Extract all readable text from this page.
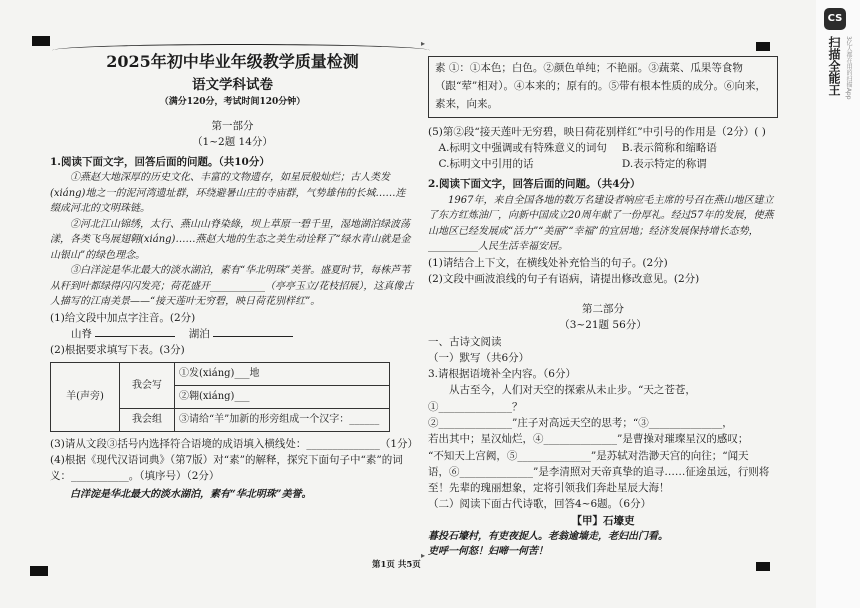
CS
扫描全能王 3亿人都在用的扫描App

2025年初中毕业年级教学质量检测

语文学科试卷

（满分120分，考试时间120分钟）

第一部分

（1~2题 14分）

1.阅读下面文字，回答后面的问题。（共10分）

①燕赵大地深厚的历史文化、丰富的文物遗存，如星辰般灿烂；古人类发(xiáng)地之一的泥河湾遗址群，环绕避暑山庄的寺庙群，气势雄伟的长城……连缀成河北的文明珠链。

②河北江山锦绣，太行、燕山山脊染綠，坝上草原一碧千里，湿地湖泊绿波荡漾，各类飞鸟展翅翱(xiáng)……燕赵大地的生态之美生动诠释了“绿水青山就是金山银山”的绿色理念。

③白洋淀是华北最大的淡水湖泊，素有“华北明珠”美誉。盛夏时节，每株芦苇从秆到叶都绿得闪闪发亮；荷花盛开___________（亭亭玉立/花枝招展），这真像古人描写的江南美景——“接天莲叶无穷碧，映日荷花别样红”。

(1)给文段中加点字注音。(2分)

山脊	湖泊

(2)根据要求填写下表。(3分)

羊(声旁)	我会写	①发(xiáng)___地
		②翱(xiáng)___
	我会组	③请给“羊”加新的形旁组成一个汉字：______

(3)请从文段③括号内选择符合语境的成语填入横线处：______________（1分）

(4)根据《现代汉语词典》（第7版）对“素”的解释，探究下面句子中“素”的词义：___________。（填序号）（2分）

白洋淀是华北最大的淡水湖泊，素有“华北明珠”美誉。

素 ①：①本色；白色。②颜色单纯；不艳丽。③蔬菜、瓜果等食物（跟“荤”相对）。④本来的；原有的。⑤带有根本性质的成分。⑥向来，素来，向来。

(5)第②段“接天莲叶无穷碧，映日荷花别样红”中引号的作用是（2分）( )

A.标明文中强调或有特殊意义的词句 B.表示简称和缩略语

C.标明文中引用的话	D.表示特定的称谓

2.阅读下面文字，回答后面的问题。（共4分）

1967年，来自全国各地的数万名建设者响应毛主席的号召在燕山地区建立了东方红炼油厂，向新中国成立20周年献了一份厚礼。经过57年的发展，使燕山地区已经发展成“活力”“美丽”“幸福”的宜居地；经济发展保持增长态势，__________人民生活幸福安居。

(1)请结合上下文，在横线处补充恰当的句子。(2分)

(2)文段中画波浪线的句子有语病，请提出修改意见。(2分)

第二部分

（3~21题 56分）

一、古诗文阅读

（一）默写（共6分）

3.请根据语境补全内容。（6分）

从古至今，人们对天空的探索从未止步。“天之苍苍，①______________？

②______________”庄子对高远天空的思考；“③______________，

若出其中；星汉灿烂，④______________”是曹操对璀璨星汉的感叹；

“不知天上宫阙，⑤______________”是苏轼对浩渺天宫的向往；“闻天

语，⑥______________”是李清照对天帝真挚的追寻……征途虽远，行则将

至！先辈的瑰丽想象，定将引领我们奔赴星辰大海！

（二）阅读下面古代诗歌，回答4~6题。（6分）

【甲】石壕吏

暮投石壕村，有吏夜捉人。老翁逾墙走，老妇出门看。

吏呼一何怒！妇啼一何苦！

▸
▸
第1页 共5页
